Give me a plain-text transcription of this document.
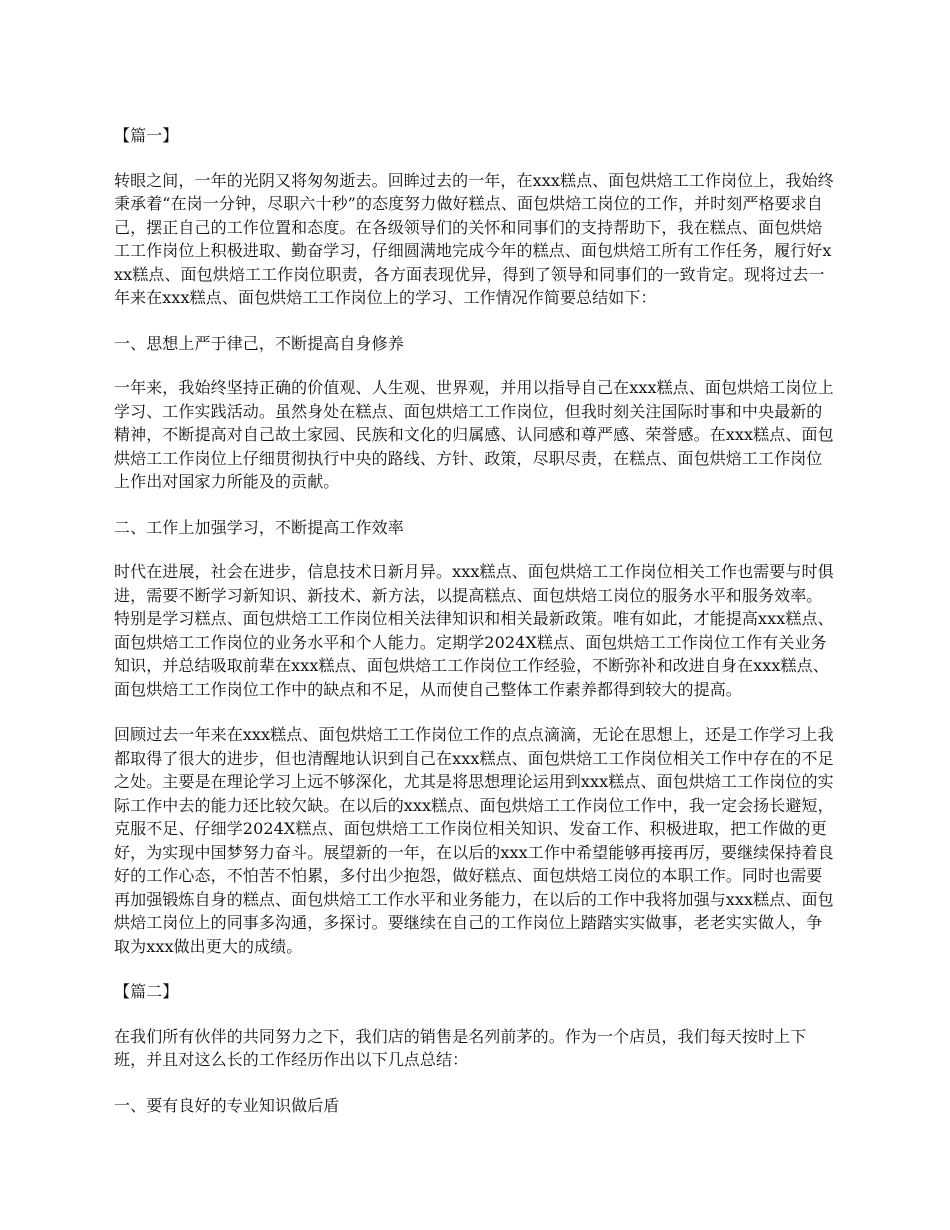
【篇一】

转眼之间，一年的光阴又将匆匆逝去。回眸过去的一年，在xxx糕点、面包烘焙工工作岗位上，我始终秉承着“在岗一分钟，尽职六十秒”的态度努力做好糕点、面包烘焙工岗位的工作，并时刻严格要求自己，摆正自己的工作位置和态度。在各级领导们的关怀和同事们的支持帮助下，我在糕点、面包烘焙工工作岗位上积极进取、勤奋学习，仔细圆满地完成今年的糕点、面包烘焙工所有工作任务，履行好xxx糕点、面包烘焙工工作岗位职责，各方面表现优异，得到了领导和同事们的一致肯定。现将过去一年来在xxx糕点、面包烘焙工工作岗位上的学习、工作情况作简要总结如下：

一、思想上严于律己，不断提高自身修养

一年来，我始终坚持正确的价值观、人生观、世界观，并用以指导自己在xxx糕点、面包烘焙工岗位上学习、工作实践活动。虽然身处在糕点、面包烘焙工工作岗位，但我时刻关注国际时事和中央最新的精神，不断提高对自己故土家园、民族和文化的归属感、认同感和尊严感、荣誉感。在xxx糕点、面包烘焙工工作岗位上仔细贯彻执行中央的路线、方针、政策，尽职尽责，在糕点、面包烘焙工工作岗位上作出对国家力所能及的贡献。

二、工作上加强学习，不断提高工作效率

时代在进展，社会在进步，信息技术日新月异。xxx糕点、面包烘焙工工作岗位相关工作也需要与时俱进，需要不断学习新知识、新技术、新方法，以提高糕点、面包烘焙工岗位的服务水平和服务效率。特别是学习糕点、面包烘焙工工作岗位相关法律知识和相关最新政策。唯有如此，才能提高xxx糕点、面包烘焙工工作岗位的业务水平和个人能力。定期学2024X糕点、面包烘焙工工作岗位工作有关业务知识，并总结吸取前辈在xxx糕点、面包烘焙工工作岗位工作经验，不断弥补和改进自身在xxx糕点、面包烘焙工工作岗位工作中的缺点和不足，从而使自己整体工作素养都得到较大的提高。

回顾过去一年来在xxx糕点、面包烘焙工工作岗位工作的点点滴滴，无论在思想上，还是工作学习上我都取得了很大的进步，但也清醒地认识到自己在xxx糕点、面包烘焙工工作岗位相关工作中存在的不足之处。主要是在理论学习上远不够深化，尤其是将思想理论运用到xxx糕点、面包烘焙工工作岗位的实际工作中去的能力还比较欠缺。在以后的xxx糕点、面包烘焙工工作岗位工作中，我一定会扬长避短，克服不足、仔细学2024X糕点、面包烘焙工工作岗位相关知识、发奋工作、积极进取，把工作做的更好，为实现中国梦努力奋斗。展望新的一年，在以后的xxx工作中希望能够再接再厉，要继续保持着良好的工作心态，不怕苦不怕累，多付出少抱怨，做好糕点、面包烘焙工岗位的本职工作。同时也需要再加强锻炼自身的糕点、面包烘焙工工作水平和业务能力，在以后的工作中我将加强与xxx糕点、面包烘焙工岗位上的同事多沟通，多探讨。要继续在自己的工作岗位上踏踏实实做事，老老实实做人，争取为xxx做出更大的成绩。

【篇二】

在我们所有伙伴的共同努力之下，我们店的销售是名列前茅的。作为一个店员，我们每天按时上下班，并且对这么长的工作经历作出以下几点总结：

一、要有良好的专业知识做后盾
